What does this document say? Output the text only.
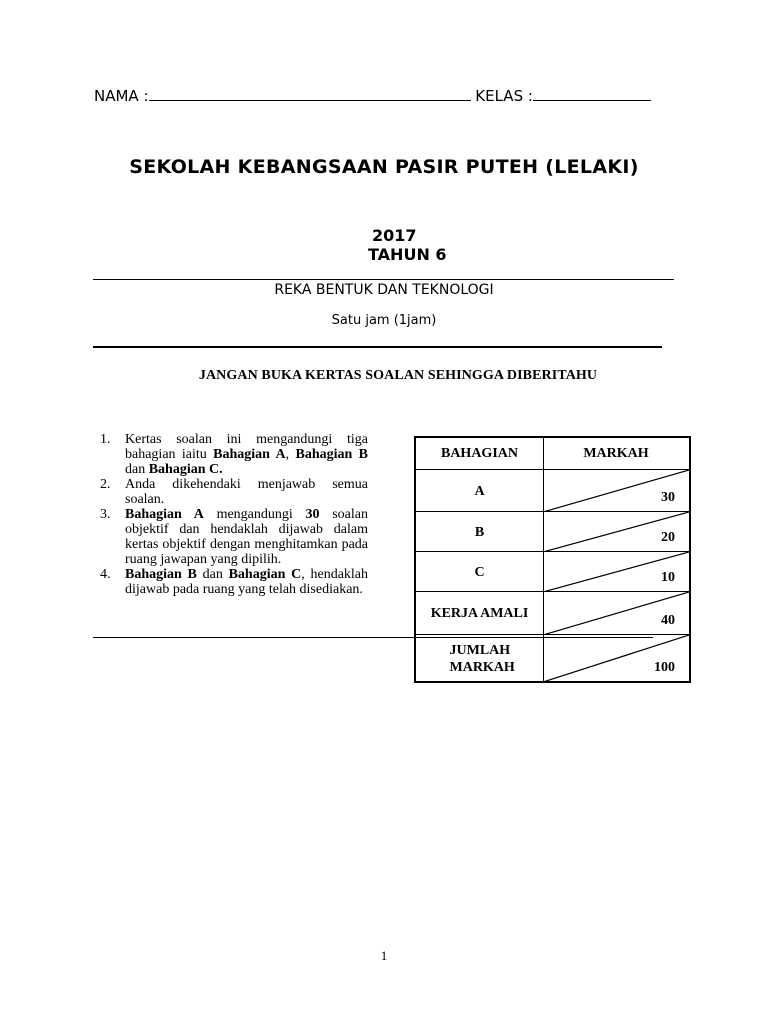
NAMA :	KELAS :
SEKOLAH KEBANGSAAN PASIR PUTEH (LELAKI)
2017
TAHUN 6
REKA BENTUK DAN TEKNOLOGI
Satu jam (1jam)
JANGAN BUKA KERTAS SOALAN SEHINGGA DIBERITAHU
1. Kertas soalan ini mengandungi tiga bahagian iaitu Bahagian A, Bahagian B dan Bahagian C.
2. Anda dikehendaki menjawab semua soalan.
3. Bahagian A mengandungi 30 soalan objektif dan hendaklah dijawab dalam kertas objektif dengan menghitamkan pada ruang jawapan yang dipilih.
4. Bahagian B dan Bahagian C, hendaklah dijawab pada ruang yang telah disediakan.
BAHAGIAN	MARKAH
A	30
B	20
C	10
KERJA AMALI	40
JUMLAH MARKAH	100
1
